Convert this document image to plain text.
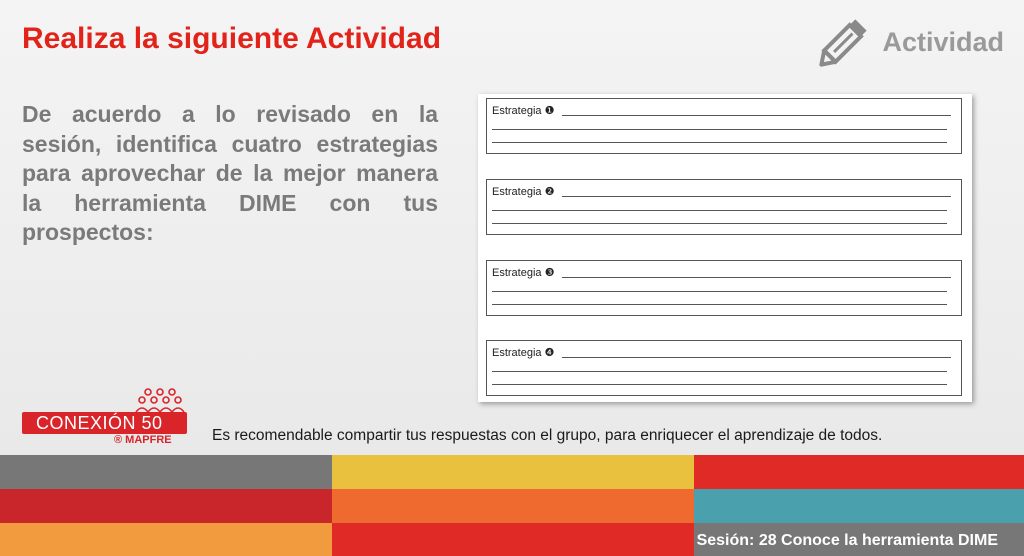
Realiza la siguiente Actividad	Actividad
De acuerdo a lo revisado en la sesión, identifica cuatro estrategias para aprovechar de la mejor manera la herramienta DIME con tus prospectos:
Estrategia ❶
Estrategia ❷
Estrategia ❸
Estrategia ❹
CONEXIÓN 50
® MAPFRE	Es recomendable compartir tus respuestas con el grupo, para enriquecer el aprendizaje de todos.
Sesión: 28 Conoce la herramienta DIME
